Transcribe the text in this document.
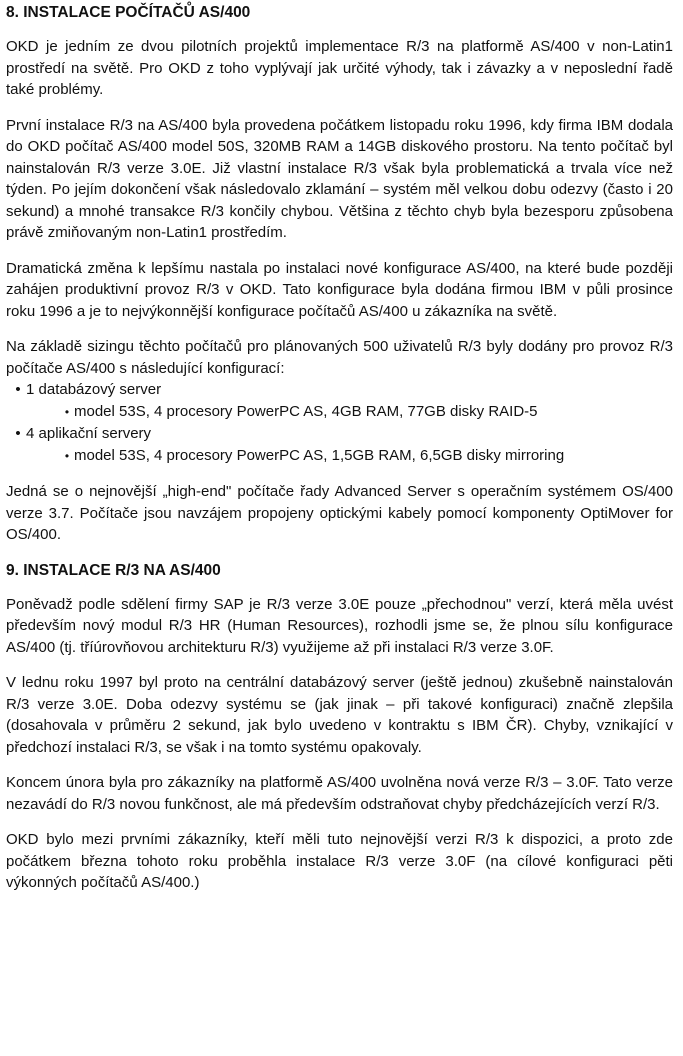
8. INSTALACE POČÍTAČŮ AS/400

OKD je jedním ze dvou pilotních projektů implementace R/3 na platformě AS/400 v non-Latin1 prostředí na světě. Pro OKD z toho vyplývají jak určité výhody, tak i závazky a v neposlední řadě také problémy.

První instalace R/3 na AS/400 byla provedena počátkem listopadu roku 1996, kdy firma IBM dodala do OKD počítač AS/400 model 50S, 320MB RAM a 14GB diskového prostoru. Na tento počítač byl nainstalován R/3 verze 3.0E. Již vlastní instalace R/3 však byla problematická a trvala více než týden. Po jejím dokončení však následovalo zklamání – systém měl velkou dobu odezvy (často i 20 sekund) a mnohé transakce R/3 končily chybou. Většina z těchto chyb byla bezesporu způsobena právě zmiňovaným non-Latin1 prostředím.

Dramatická změna k lepšímu nastala po instalaci nové konfigurace AS/400, na které bude později zahájen produktivní provoz R/3 v OKD. Tato konfigurace byla dodána firmou IBM v půli prosince roku 1996 a je to nejvýkonnější konfigurace počítačů AS/400 u zákazníka na světě.

Na základě sizingu těchto počítačů pro plánovaných 500 uživatelů R/3 byly dodány pro provoz R/3 počítače AS/400 s následující konfigurací:

• 1 databázový server
• model 53S, 4 procesory PowerPC AS, 4GB RAM, 77GB disky RAID-5
• 4 aplikační servery
• model 53S, 4 procesory PowerPC AS, 1,5GB RAM, 6,5GB disky mirroring

Jedná se o nejnovější „high-end" počítače řady Advanced Server s operačním systémem OS/400 verze 3.7. Počítače jsou navzájem propojeny optickými kabely pomocí komponenty OptiMover for OS/400.

9. INSTALACE R/3 NA AS/400

Poněvadž podle sdělení firmy SAP je R/3 verze 3.0E pouze „přechodnou" verzí, která měla uvést především nový modul R/3 HR (Human Resources), rozhodli jsme se, že plnou sílu konfigurace AS/400 (tj. tříúrovňovou architekturu R/3) využijeme až při instalaci R/3 verze 3.0F.

V lednu roku 1997 byl proto na centrální databázový server (ještě jednou) zkušebně nainstalován R/3 verze 3.0E. Doba odezvy systému se (jak jinak – při takové konfiguraci) značně zlepšila (dosahovala v průměru 2 sekund, jak bylo uvedeno v kontraktu s IBM ČR). Chyby, vznikající v předchozí instalaci R/3, se však i na tomto systému opakovaly.

Koncem února byla pro zákazníky na platformě AS/400 uvolněna nová verze R/3 – 3.0F. Tato verze nezavádí do R/3 novou funkčnost, ale má především odstraňovat chyby předcházejících verzí R/3.

OKD bylo mezi prvními zákazníky, kteří měli tuto nejnovější verzi R/3 k dispozici, a proto zde počátkem března tohoto roku proběhla instalace R/3 verze 3.0F (na cílové konfiguraci pěti výkonných počítačů AS/400.)
